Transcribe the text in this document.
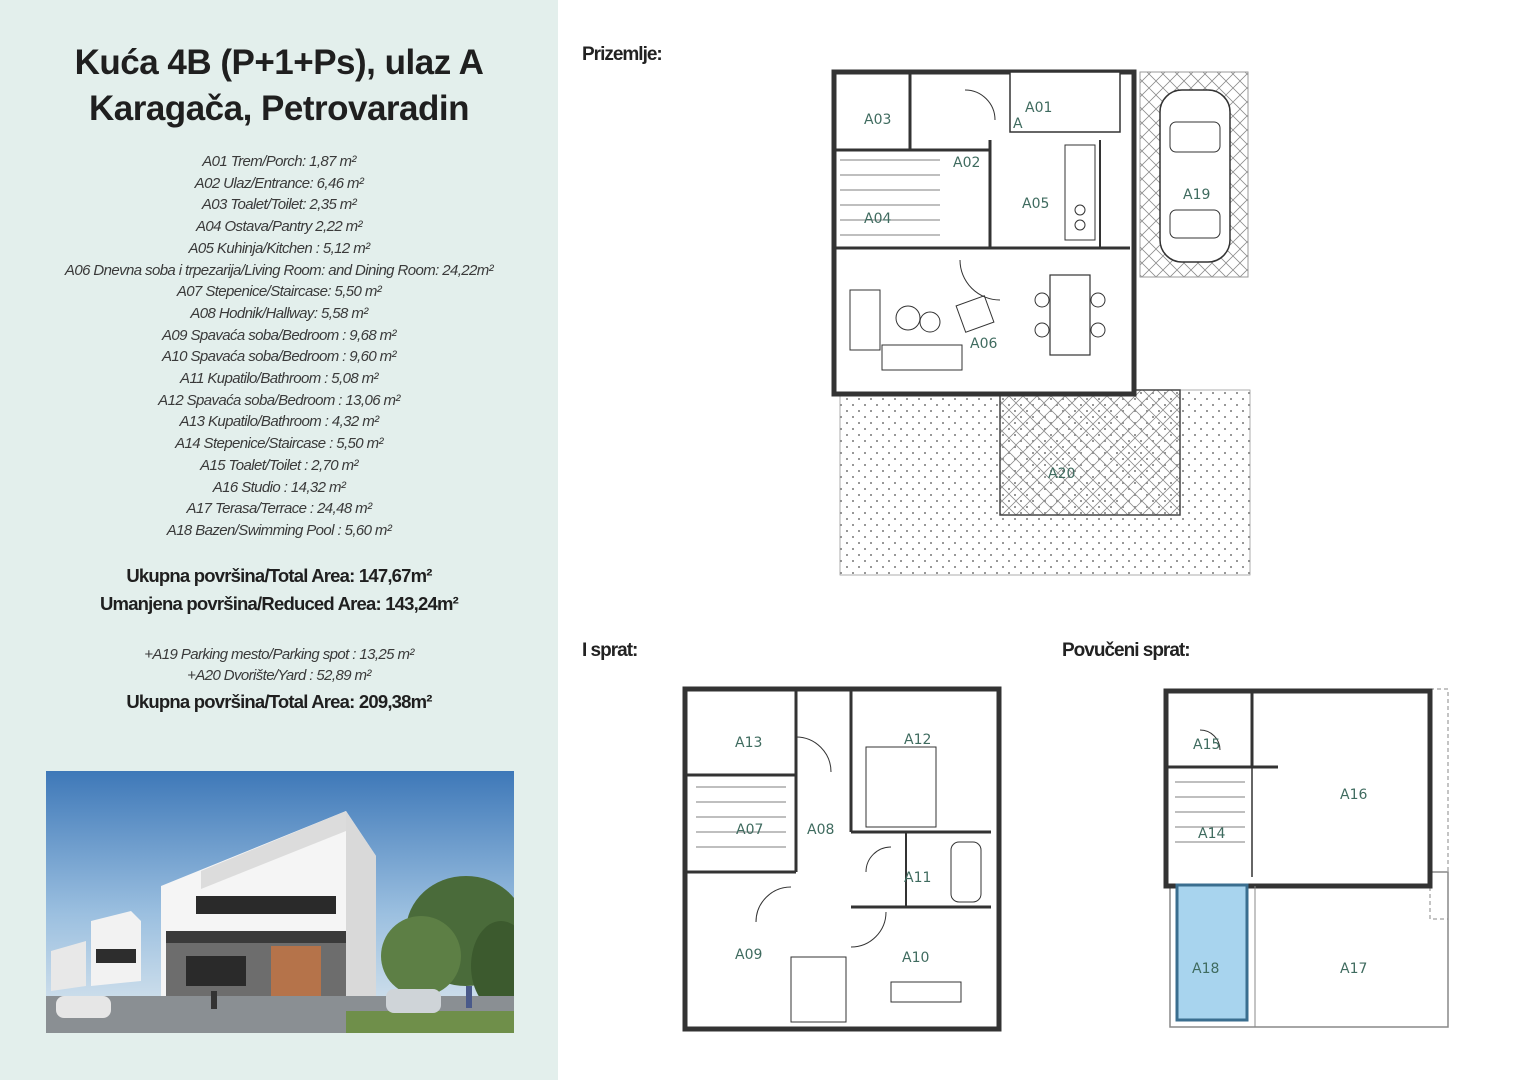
Kuća 4B (P+1+Ps), ulaz A
Karagača, Petrovaradin
A01 Trem/Porch: 1,87 m²
A02 Ulaz/Entrance: 6,46 m²
A03 Toalet/Toilet: 2,35 m²
A04 Ostava/Pantry 2,22 m²
A05 Kuhinja/Kitchen : 5,12 m²
A06 Dnevna soba i trpezarija/Living Room: and Dining Room: 24,22m²
A07 Stepenice/Staircase: 5,50 m²
A08 Hodnik/Hallway: 5,58 m²
A09 Spavaća soba/Bedroom : 9,68 m²
A10 Spavaća soba/Bedroom : 9,60 m²
A11 Kupatilo/Bathroom : 5,08 m²
A12 Spavaća soba/Bedroom : 13,06 m²
A13 Kupatilo/Bathroom : 4,32 m²
A14 Stepenice/Staircase : 5,50 m²
A15 Toalet/Toilet : 2,70 m²
A16 Studio : 14,32 m²
A17 Terasa/Terrace : 24,48 m²
A18 Bazen/Swimming Pool : 5,60 m²
Ukupna površina/Total Area: 147,67m²
Umanjena površina/Reduced Area: 143,24m²
+A19 Parking mesto/Parking spot : 13,25 m²
+A20 Dvorište/Yard : 52,89 m²
Ukupna površina/Total Area: 209,38m²
Prizemlje:
I sprat:	Povučeni sprat:
A01
A
A02
A03
A04
A05
A06
A19
A20
A07	A08
A09	A10
A11
A12
A13
A14
A15
A16
A17
A18
